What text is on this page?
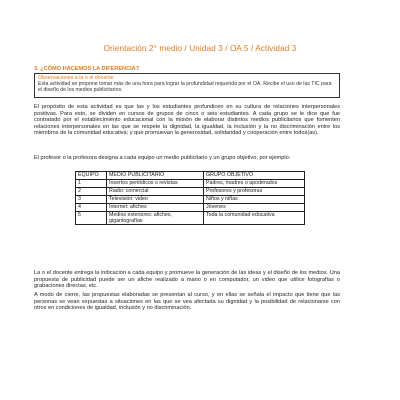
Orientación 2° medio / Unidad 3 / OA 5 / Actividad 3
3. ¿CÓMO HACEMOS LA DIFERENCIA?
Observaciones a la o el docente
Esta actividad se propone tomar más de una hora para lograr la profundidad requerida por el OA. Recibe el uso de las TIC para el diseño de los medios publicitarios.
El propósito de esta actividad es que las y los estudiantes profundicen en su cultura de relaciones interpersonales positivas. Para esto, se dividen en cursos de grupos de cinco o seis estudiantes. A cada grupo se le dice que fue contratado por el establecimiento educacional con la misión de elaborar distintos medios publicitarios que fomenten relaciones interpersonales en las que se respete la dignidad, la igualdad, la inclusión y la no discriminación entre los miembros de la comunidad educativa; y que promuevan la generosidad, solidaridad y cooperación entre todos(as).
El profesor o la profesora designa a cada equipo un medio publicitario y un grupo objetivo, por ejemplo:
EQUIPO	MEDIO PUBLICITARIO	GRUPO OBJETIVO
1	Insertos periódicos o revistas	Padres, madres o apoderados
2	Radio: comercial	Profesores y profesoras
3	Televisión: video	Niños y niñas
4	Internet: afiches	Jóvenes
5	Medios exteriores: afiches, gigantografías	Toda la comunidad educativa
La o el docente entrega la indicación a cada equipo y promueve la generación de las ideas y el diseño de los medios. Una propuesta de publicidad puede ser un afiche realizado a mano o en computador, un video que utilice fotografías o grabaciones directas, etc.
A modo de cierre, las propuestas elaboradas se presentan al curso, y en ellas se señala el impacto que tiene que las personas se vean expuestas a situaciones en las que se vea afectada su dignidad y la posibilidad de relacionarse con otros en condiciones de igualdad, inclusión y no discriminación.
